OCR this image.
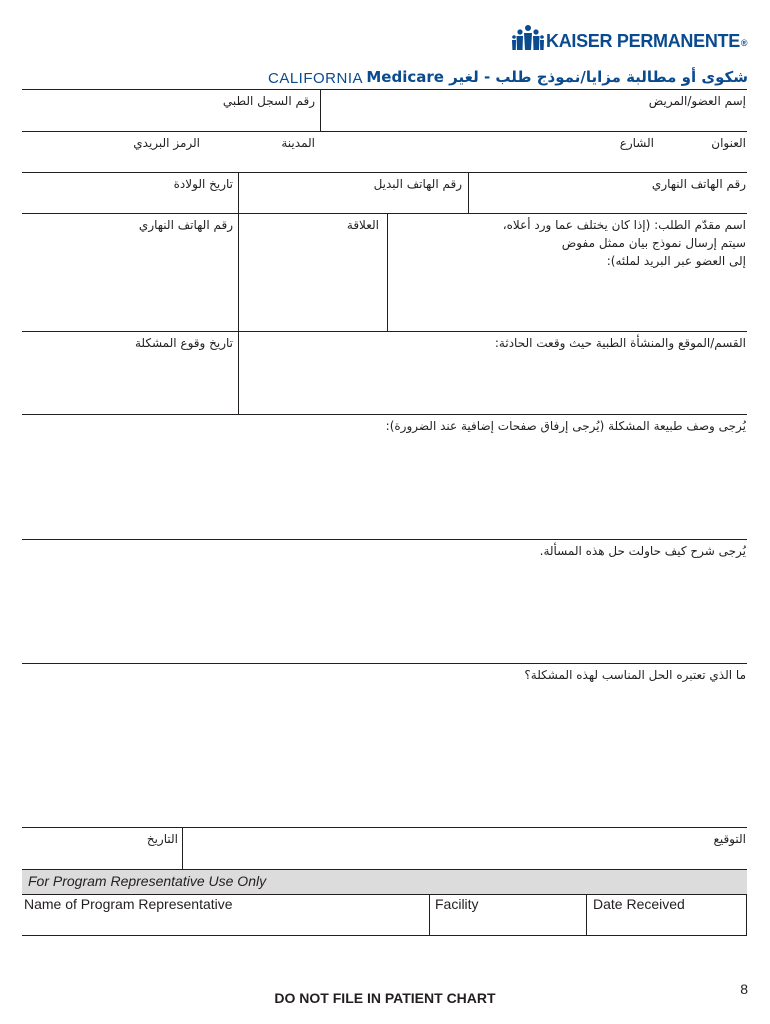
KAISER PERMANENTE®
CALIFORNIA شكوى أو مطالبة مزايا/نموذج طلب - لغير Medicare
إسم العضو/المريض
رقم السجل الطبي
العنوان
الشارع
المدينة
الرمز البريدي
رقم الهاتف النهاري
رقم الهاتف البديل
تاريخ الولادة
اسم مقدّم الطلب: (إذا كان يختلف عما ورد أعلاه،
سيتم إرسال نموذج بيان ممثل مفوض
إلى العضو عبر البريد لملئه):
العلاقة
رقم الهاتف النهاري
القسم/الموقع والمنشأة الطبية حيث وقعت الحادثة:
تاريخ وقوع المشكلة
يُرجى وصف طبيعة المشكلة (يُرجى إرفاق صفحات إضافية عند الضرورة):
يُرجى شرح كيف حاولت حل هذه المسألة.
ما الذي تعتبره الحل المناسب لهذه المشكلة؟
التوقيع
التاريخ
For Program Representative Use Only
Name of Program Representative	Facility	Date Received
DO NOT FILE IN PATIENT CHART
8
